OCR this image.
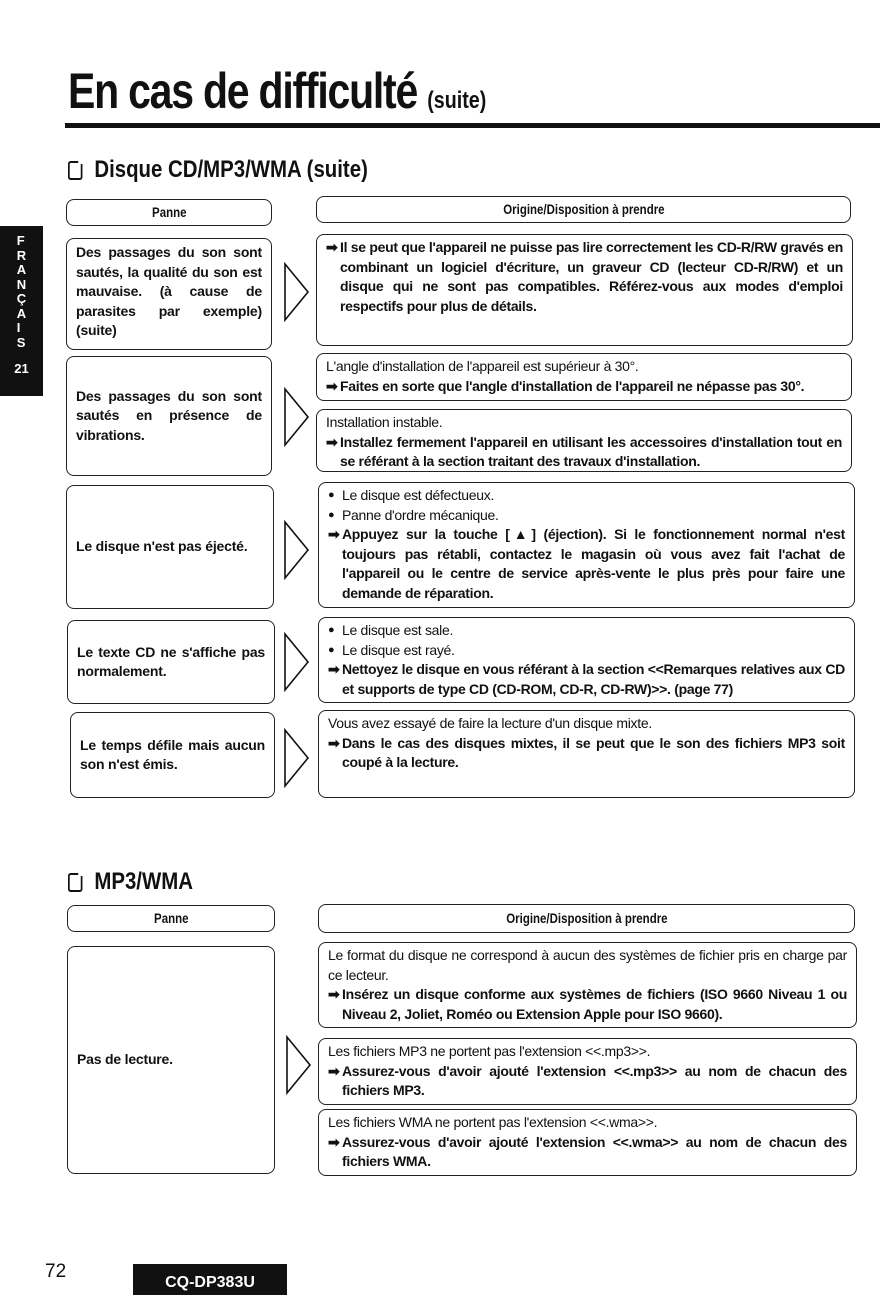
En cas de difficulté (suite)
F
R
A
N
Ç
A
I
S
21
Disque CD/MP3/WMA (suite)
Panne	Origine/Disposition à prendre
MP3/WMA
Panne	Origine/Disposition à prendre
Des passages du son sont sautés, la qualité du son est mauvaise. (à cause de parasites par exemple) (suite)
➡ Il se peut que l'appareil ne puisse pas lire correctement les CD-R/RW gravés en combinant un logiciel d'écriture, un graveur CD (lecteur CD-R/RW) et un disque qui ne sont pas compatibles. Référez-vous aux modes d'emploi respectifs pour plus de détails.
Des passages du son sont sautés en présence de vibrations.
L'angle d'installation de l'appareil est supérieur à 30°.
➡ Faites en sorte que l'angle d'installation de l'appareil ne népasse pas 30°.
Installation instable.
➡ Installez fermement l'appareil en utilisant les accessoires d'installation tout en se référant à la section traitant des travaux d'installation.
Le disque n'est pas éjecté.
● Le disque est défectueux.
● Panne d'ordre mécanique.
➡ Appuyez sur la touche [▲] (éjection). Si le fonctionnement normal n'est toujours pas rétabli, contactez le magasin où vous avez fait l'achat de l'appareil ou le centre de service après-vente le plus près pour faire une demande de réparation.
Le texte CD ne s'affiche pas normalement.
● Le disque est sale.
● Le disque est rayé.
➡ Nettoyez le disque en vous référant à la section <<Remarques relatives aux CD et supports de type CD (CD-ROM, CD-R, CD-RW)>>. (page 77)
Le temps défile mais aucun son n'est émis.
Vous avez essayé de faire la lecture d'un disque mixte.
➡ Dans le cas des disques mixtes, il se peut que le son des fichiers MP3 soit coupé à la lecture.
Pas de lecture.
Le format du disque ne correspond à aucun des systèmes de fichier pris en charge par ce lecteur.
➡ Insérez un disque conforme aux systèmes de fichiers (ISO 9660 Niveau 1 ou Niveau 2, Joliet, Roméo ou Extension Apple pour ISO 9660).
Les fichiers MP3 ne portent pas l'extension <<.mp3>>.
➡ Assurez-vous d'avoir ajouté l'extension <<.mp3>> au nom de chacun des fichiers MP3.
Les fichiers WMA ne portent pas l'extension <<.wma>>.
➡ Assurez-vous d'avoir ajouté l'extension <<.wma>> au nom de chacun des fichiers WMA.
72
CQ-DP383U
